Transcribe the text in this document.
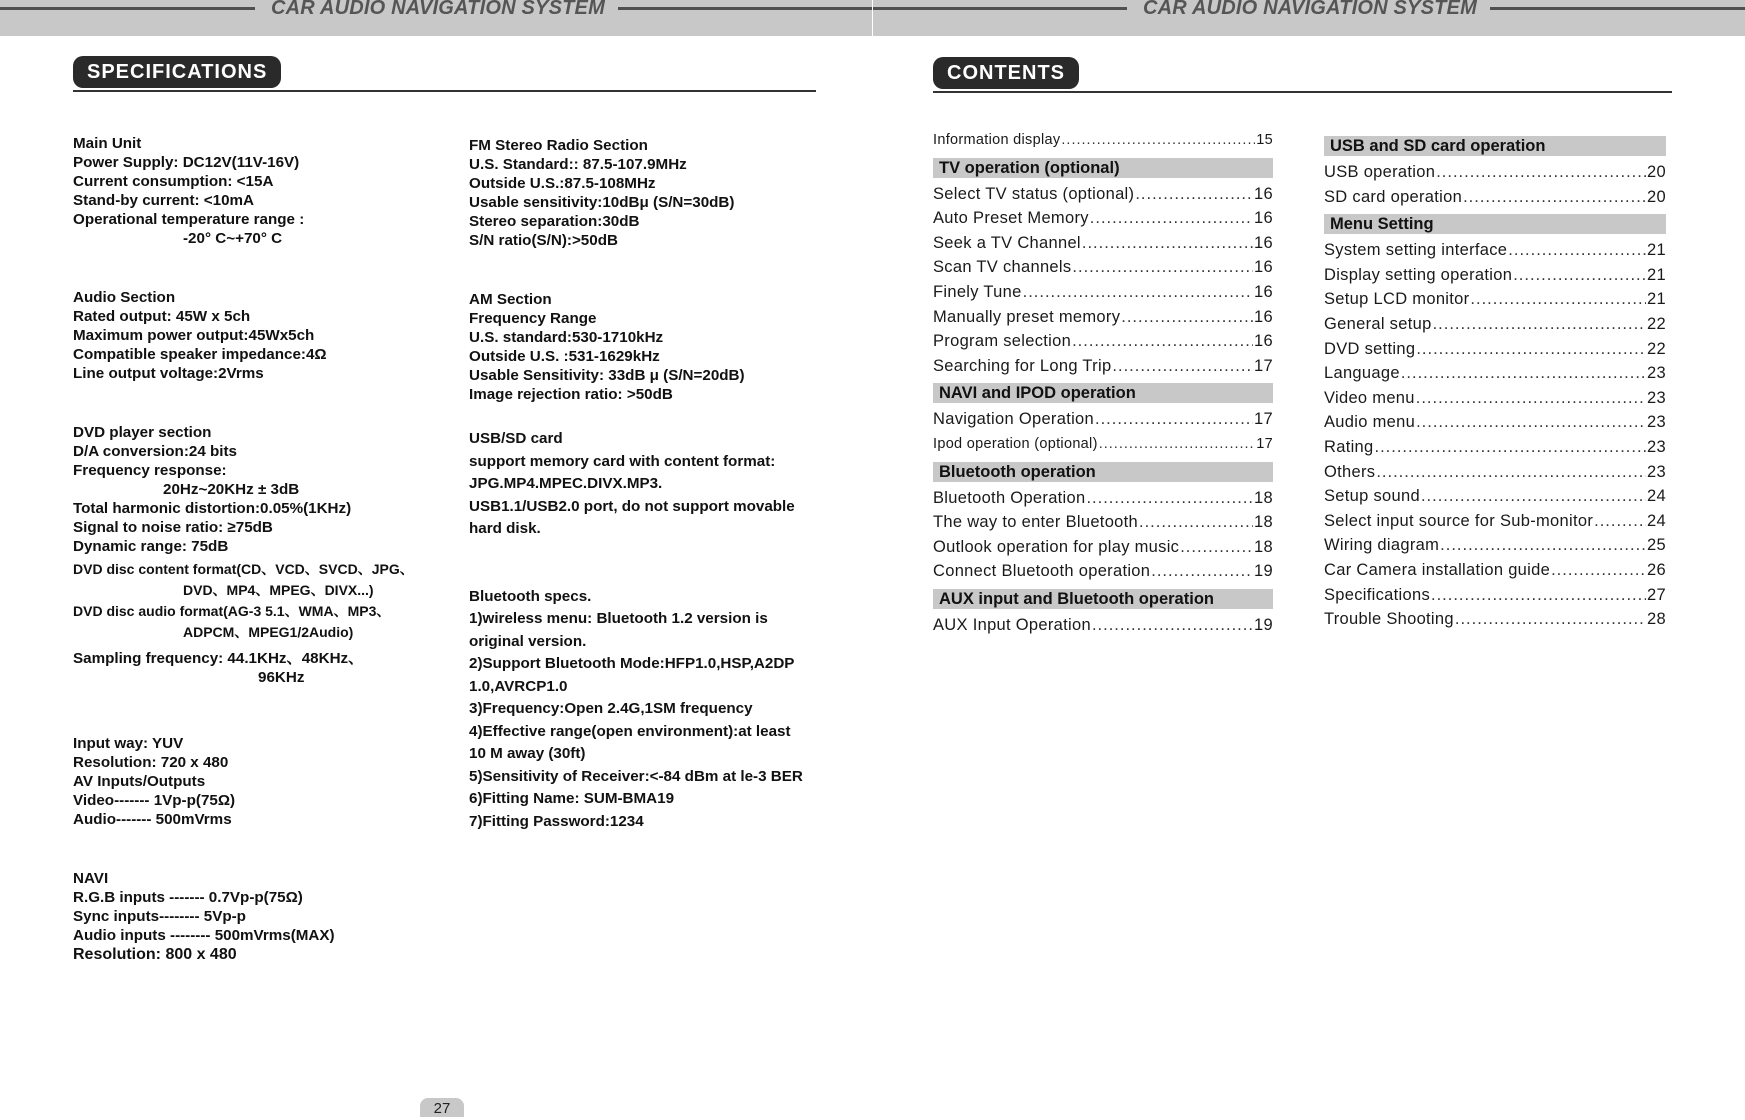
CAR AUDIO NAVIGATION SYSTEM	CAR AUDIO NAVIGATION SYSTEM
SPECIFICATIONS	CONTENTS
Main Unit
Power Supply: DC12V(11V-16V)
Current consumption: <15A
Stand-by current: <10mA
Operational temperature range :
-20° C~+70° C
Audio Section
Rated output: 45W x 5ch
Maximum power output:45Wx5ch
Compatible speaker impedance:4Ω
Line output voltage:2Vrms
DVD player section
D/A conversion:24 bits
Frequency response:
20Hz~20KHz ± 3dB
Total harmonic distortion:0.05%(1KHz)
Signal to noise ratio: ≥75dB
Dynamic range: 75dB
DVD disc content format(CD、VCD、SVCD、JPG、
DVD、MP4、MPEG、DIVX...)
DVD disc audio format(AG-3 5.1、WMA、MP3、
ADPCM、MPEG1/2Audio)
Sampling frequency: 44.1KHz、48KHz、
96KHz
Input way: YUV
Resolution: 720 x 480
AV Inputs/Outputs
Video------- 1Vp-p(75Ω)
Audio------- 500mVrms
NAVI
R.G.B inputs ------- 0.7Vp-p(75Ω)
Sync inputs-------- 5Vp-p
Audio inputs -------- 500mVrms(MAX)
Resolution: 800 x 480
FM Stereo Radio Section
U.S. Standard:: 87.5-107.9MHz
Outside U.S.:87.5-108MHz
Usable sensitivity:10dBμ (S/N=30dB)
Stereo separation:30dB
S/N ratio(S/N):>50dB
AM Section
Frequency Range
U.S. standard:530-1710kHz
Outside U.S. :531-1629kHz
Usable Sensitivity: 33dB μ (S/N=20dB)
Image rejection ratio: >50dB
USB/SD card
support memory card with content format:
JPG.MP4.MPEC.DIVX.MP3.
USB1.1/USB2.0 port, do not support movable
hard disk.
Bluetooth specs.
1)wireless menu: Bluetooth 1.2 version is
original version.
2)Support Bluetooth Mode:HFP1.0,HSP,A2DP
1.0,AVRCP1.0
3)Frequency:Open 2.4G,1SM frequency
4)Effective range(open environment):at least
10 M away (30ft)
5)Sensitivity of Receiver:<-84 dBm at le-3 BER
6)Fitting Name: SUM-BMA19
7)Fitting Password:1234
Information display .....	15
TV operation (optional)
Select TV status (optional) .....	16
Auto Preset Memory .....	16
Seek a TV Channel .....	16
Scan TV channels .....	16
Finely Tune .....	16
Manually preset memory .....	16
Program selection .....	16
Searching for Long Trip .....	17
NAVI and IPOD operation
Navigation Operation .....	17
Ipod operation (optional) .....	17
Bluetooth operation
Bluetooth Operation .....	18
The way to enter Bluetooth .....	18
Outlook operation for play music .....	18
Connect Bluetooth operation .....	19
AUX input and Bluetooth operation
AUX Input Operation .....	19
USB and SD card operation
USB operation .....	20
SD card operation .....	20
Menu Setting
System setting interface .....	21
Display setting operation .....	21
Setup LCD monitor .....	21
General setup .....	22
DVD setting .....	22
Language .....	23
Video menu .....	23
Audio menu .....	23
Rating .....	23
Others .....	23
Setup sound .....	24
Select input source for Sub-monitor .....	24
Wiring diagram .....	25
Car Camera installation guide .....	26
Specifications .....	27
Trouble Shooting .....	28
27
